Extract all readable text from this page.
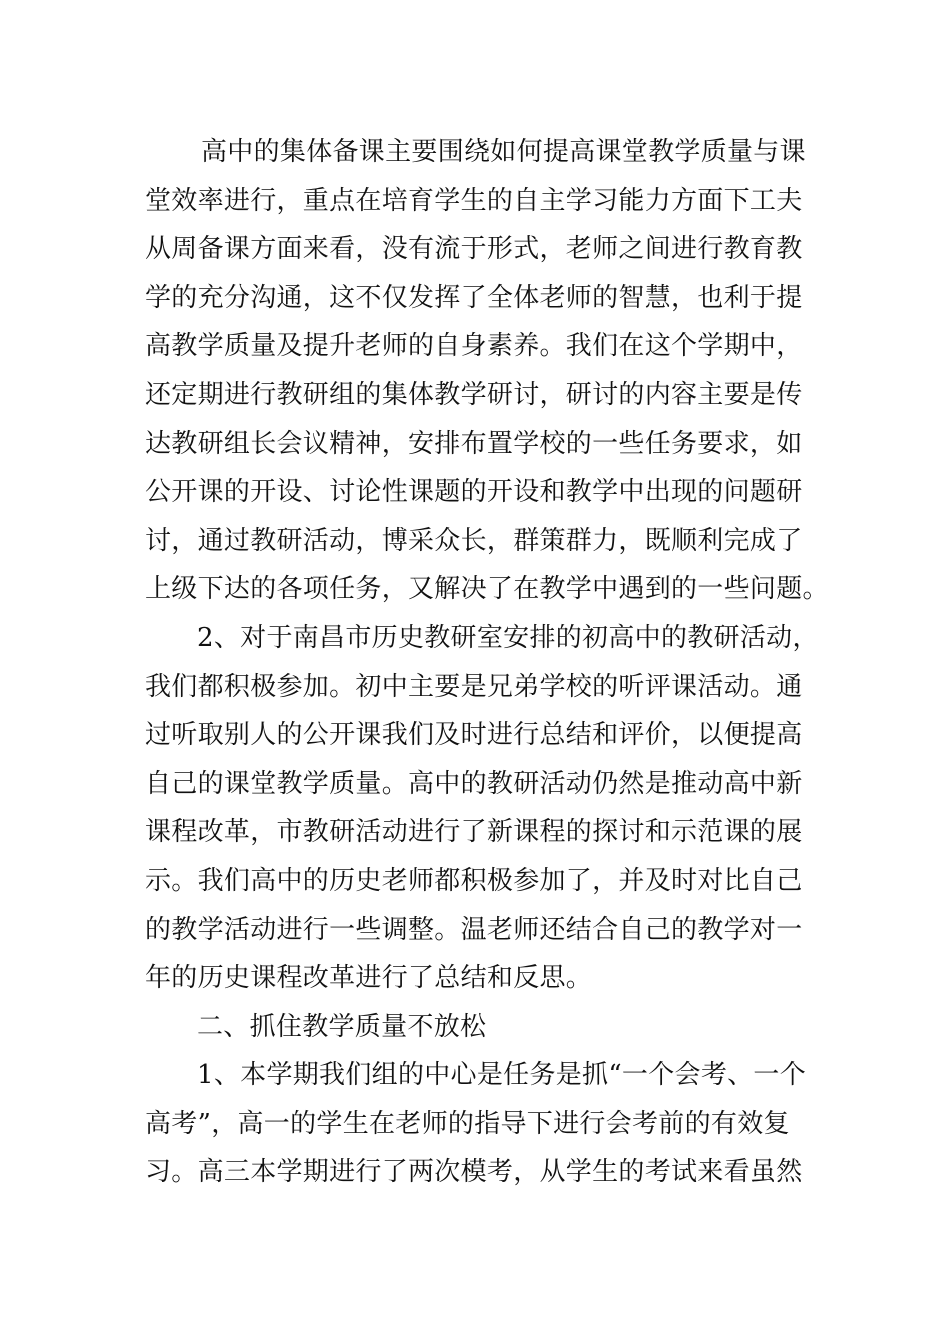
高中的集体备课主要围绕如何提高课堂教学质量与课
堂效率进行，重点在培育学生的自主学习能力方面下工夫
从周备课方面来看，没有流于形式，老师之间进行教育教
学的充分沟通，这不仅发挥了全体老师的智慧，也利于提
高教学质量及提升老师的自身素养。我们在这个学期中，
还定期进行教研组的集体教学研讨，研讨的内容主要是传
达教研组长会议精神，安排布置学校的一些任务要求，如
公开课的开设、讨论性课题的开设和教学中出现的问题研
讨，通过教研活动，博采众长，群策群力，既顺利完成了
上级下达的各项任务，又解决了在教学中遇到的一些问题。
2、对于南昌市历史教研室安排的初高中的教研活动，
我们都积极参加。初中主要是兄弟学校的听评课活动。通
过听取别人的公开课我们及时进行总结和评价，以便提高
自己的课堂教学质量。高中的教研活动仍然是推动高中新
课程改革，市教研活动进行了新课程的探讨和示范课的展
示。我们高中的历史老师都积极参加了，并及时对比自己
的教学活动进行一些调整。温老师还结合自己的教学对一
年的历史课程改革进行了总结和反思。
二、抓住教学质量不放松
1、本学期我们组的中心是任务是抓“一个会考、一个
高考”，高一的学生在老师的指导下进行会考前的有效复
习。高三本学期进行了两次模考，从学生的考试来看虽然
